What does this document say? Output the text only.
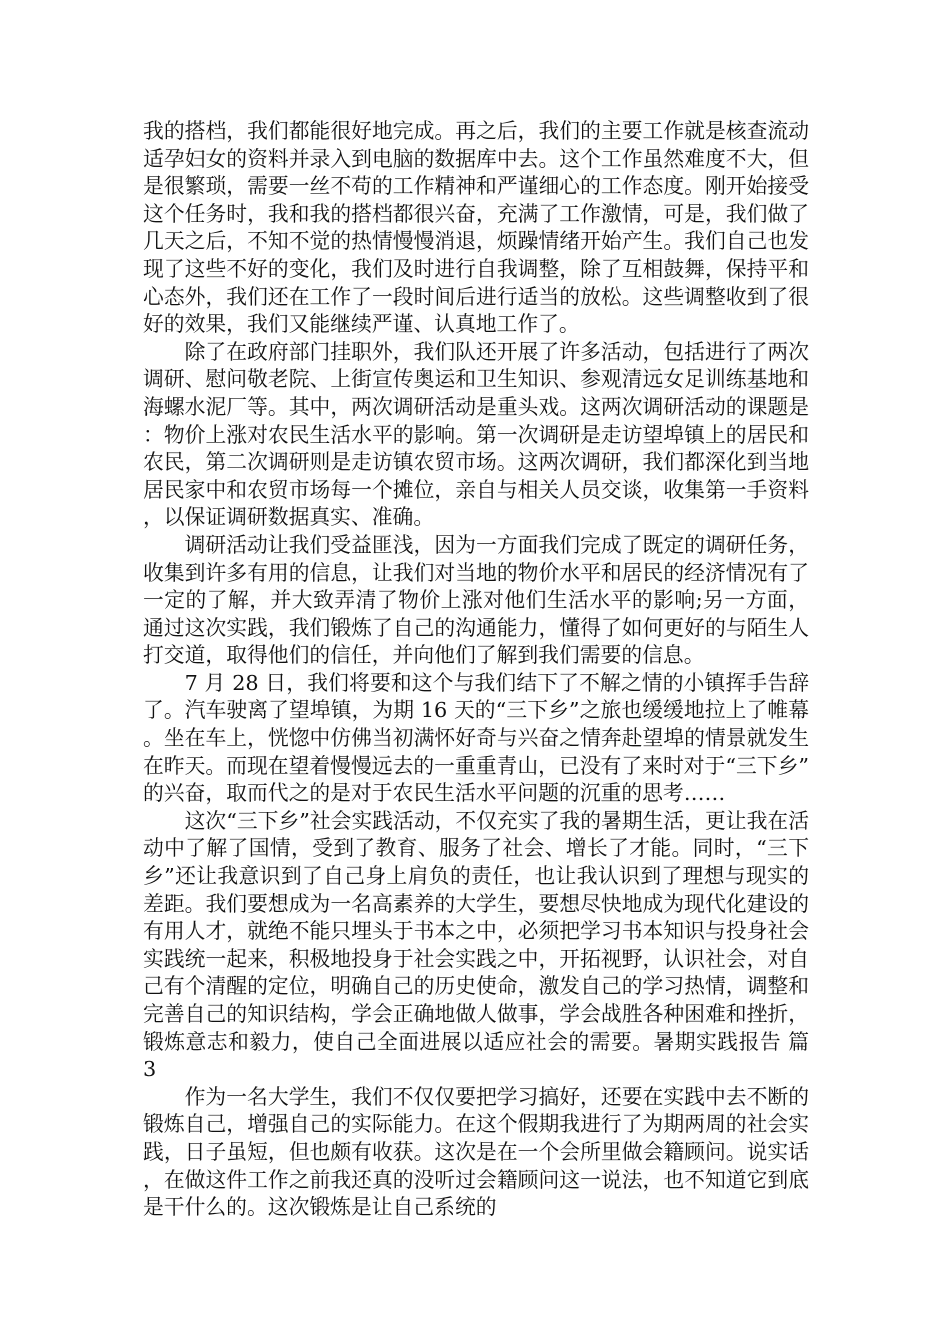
我的搭档，我们都能很好地完成。再之后，我们的主要工作就是核查流动适孕妇女的资料并录入到电脑的数据库中去。这个工作虽然难度不大，但是很繁琐，需要一丝不苟的工作精神和严谨细心的工作态度。刚开始接受这个任务时，我和我的搭档都很兴奋，充满了工作激情，可是，我们做了几天之后，不知不觉的热情慢慢消退，烦躁情绪开始产生。我们自己也发现了这些不好的变化，我们及时进行自我调整，除了互相鼓舞，保持平和心态外，我们还在工作了一段时间后进行适当的放松。这些调整收到了很好的效果，我们又能继续严谨、认真地工作了。

除了在政府部门挂职外，我们队还开展了许多活动，包括进行了两次调研、慰问敬老院、上街宣传奥运和卫生知识、参观清远女足训练基地和海螺水泥厂等。其中，两次调研活动是重头戏。这两次调研活动的课题是：物价上涨对农民生活水平的影响。第一次调研是走访望埠镇上的居民和农民，第二次调研则是走访镇农贸市场。这两次调研，我们都深化到当地居民家中和农贸市场每一个摊位，亲自与相关人员交谈，收集第一手资料，以保证调研数据真实、准确。

调研活动让我们受益匪浅，因为一方面我们完成了既定的调研任务，收集到许多有用的信息，让我们对当地的物价水平和居民的经济情况有了一定的了解，并大致弄清了物价上涨对他们生活水平的影响;另一方面，通过这次实践，我们锻炼了自己的沟通能力，懂得了如何更好的与陌生人打交道，取得他们的信任，并向他们了解到我们需要的信息。

7 月 28 日，我们将要和这个与我们结下了不解之情的小镇挥手告辞了。汽车驶离了望埠镇，为期 16 天的“三下乡”之旅也缓缓地拉上了帷幕。坐在车上，恍惚中仿佛当初满怀好奇与兴奋之情奔赴望埠的情景就发生在昨天。而现在望着慢慢远去的一重重青山，已没有了来时对于“三下乡”的兴奋，取而代之的是对于农民生活水平问题的沉重的思考……

这次“三下乡”社会实践活动，不仅充实了我的暑期生活，更让我在活动中了解了国情，受到了教育、服务了社会、增长了才能。同时，“三下乡”还让我意识到了自己身上肩负的责任，也让我认识到了理想与现实的差距。我们要想成为一名高素养的大学生，要想尽快地成为现代化建设的有用人才，就绝不能只埋头于书本之中，必须把学习书本知识与投身社会实践统一起来，积极地投身于社会实践之中，开拓视野，认识社会，对自己有个清醒的定位，明确自己的历史使命，激发自己的学习热情，调整和完善自己的知识结构，学会正确地做人做事，学会战胜各种困难和挫折，锻炼意志和毅力，使自己全面进展以适应社会的需要。暑期实践报告 篇 3

作为一名大学生，我们不仅仅要把学习搞好，还要在实践中去不断的锻炼自己，增强自己的实际能力。在这个假期我进行了为期两周的社会实践，日子虽短，但也颇有收获。这次是在一个会所里做会籍顾问。说实话，在做这件工作之前我还真的没听过会籍顾问这一说法，也不知道它到底是干什么的。这次锻炼是让自己系统的
